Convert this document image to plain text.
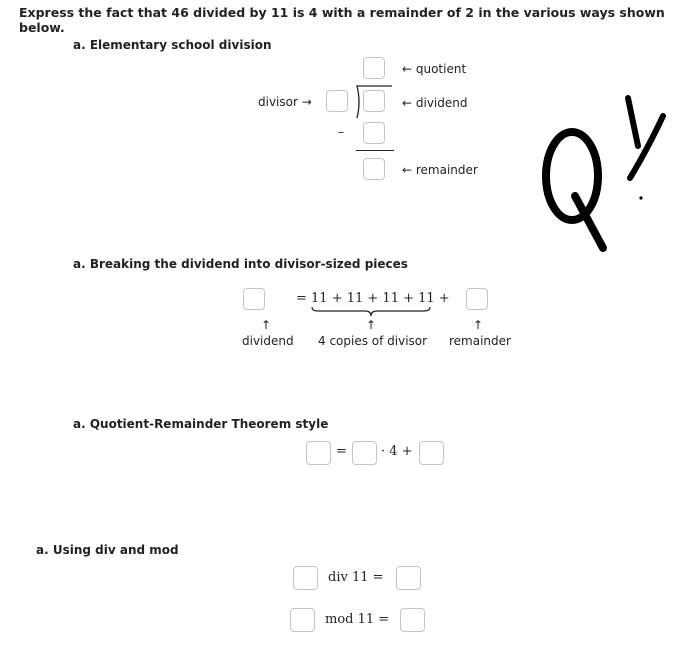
Express the fact that 46 divided by 11 is 4 with a remainder of 2 in the various ways shown below.
a. Elementary school division
← quotient
divisor →	← dividend
–
← remainder
a. Breaking the dividend into divisor-sized pieces
= 11 + 11 + 11 + 11 +
↑	↑	↑
dividend 4 copies of divisor remainder
a. Quotient-Remainder Theorem style
=	· 4 +
a. Using div and mod
div 11 =
mod 11 =
